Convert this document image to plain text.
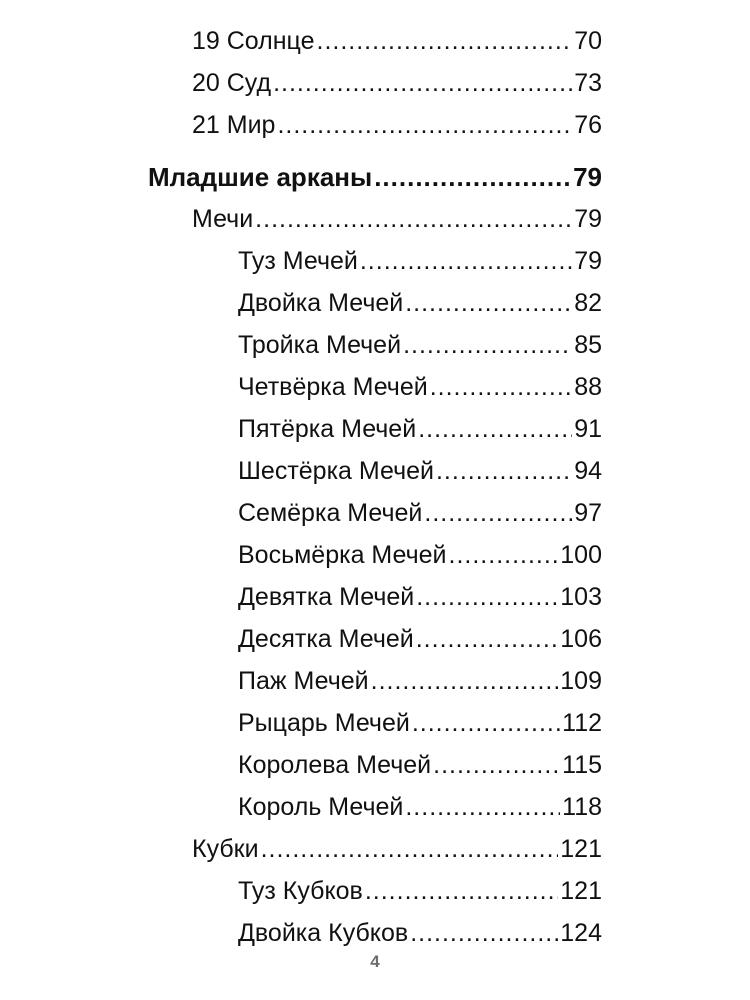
19 Солнце .....	70
20 Суд .....	73
21 Мир .....	76
Младшие арканы .....	79
Мечи .....	79
Туз Мечей .....	79
Двойка Мечей .....	82
Тройка Мечей .....	85
Четвёрка Мечей .....	88
Пятёрка Мечей .....	91
Шестёрка Мечей .....	94
Семёрка Мечей .....	97
Восьмёрка Мечей .....	100
Девятка Мечей .....	103
Десятка Мечей .....	106
Паж Мечей .....	109
Рыцарь Мечей .....	112
Королева Мечей .....	115
Король Мечей .....	118
Кубки .....	121
Туз Кубков .....	121
Двойка Кубков .....	124
4
